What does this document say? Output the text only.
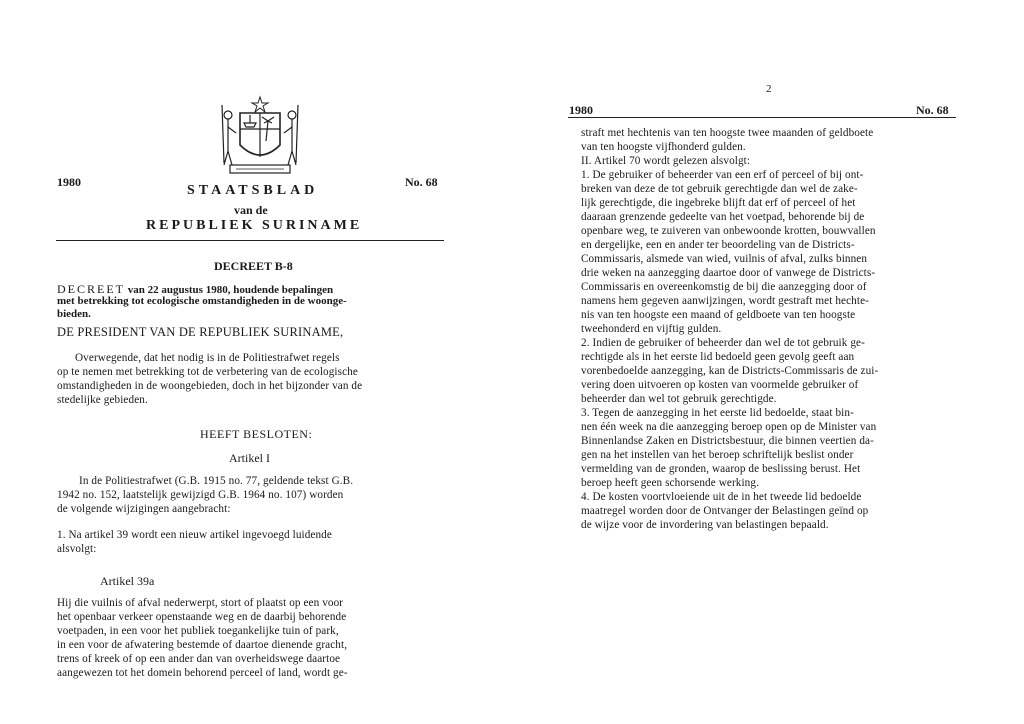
1980	No. 68
STAATSBLAD
van de
REPUBLIEK SURINAME
DECREET B-8
DECREET van 22 augustus 1980, houdende bepalingen
met betrekking tot ecologische omstandigheden in de woonge-
bieden.
DE PRESIDENT VAN DE REPUBLIEK SURINAME,
Overwegende, dat het nodig is in de Politiestrafwet regels
op te nemen met betrekking tot de verbetering van de ecologische
omstandigheden in de woongebieden, doch in het bijzonder van de
stedelijke gebieden.
HEEFT BESLOTEN:
Artikel I
In de Politiestrafwet (G.B. 1915 no. 77, geldende tekst G.B.
1942 no. 152, laatstelijk gewijzigd G.B. 1964 no. 107) worden
de volgende wijzigingen aangebracht:
1. Na artikel 39 wordt een nieuw artikel ingevoegd luidende
alsvolgt:
Artikel 39a
Hij die vuilnis of afval nederwerpt, stort of plaatst op een voor
het openbaar verkeer openstaande weg en de daarbij behorende
voetpaden, in een voor het publiek toegankelijke tuin of park,
in een voor de afwatering bestemde of daartoe dienende gracht,
trens of kreek of op een ander dan van overheidswege daartoe
aangewezen tot het domein behorend perceel of land, wordt ge-
2
1980	No. 68
straft met hechtenis van ten hoogste twee maanden of geldboete
van ten hoogste vijfhonderd gulden.
II. Artikel 70 wordt gelezen alsvolgt:
1. De gebruiker of beheerder van een erf of perceel of bij ont-
breken van deze de tot gebruik gerechtigde dan wel de zake-
lijk gerechtigde, die ingebreke blijft dat erf of perceel of het
daaraan grenzende gedeelte van het voetpad, behorende bij de
openbare weg, te zuiveren van onbewoonde krotten, bouwvallen
en dergelijke, een en ander ter beoordeling van de Districts-
Commissaris, alsmede van wied, vuilnis of afval, zulks binnen
drie weken na aanzegging daartoe door of vanwege de Districts-
Commissaris en overeenkomstig de bij die aanzegging door of
namens hem gegeven aanwijzingen, wordt gestraft met hechte-
nis van ten hoogste een maand of geldboete van ten hoogste
tweehonderd en vijftig gulden.
2. Indien de gebruiker of beheerder dan wel de tot gebruik ge-
rechtigde als in het eerste lid bedoeld geen gevolg geeft aan
vorenbedoelde aanzegging, kan de Districts-Commissaris de zui-
vering doen uitvoeren op kosten van voormelde gebruiker of
beheerder dan wel tot gebruik gerechtigde.
3. Tegen de aanzegging in het eerste lid bedoelde, staat bin-
nen één week na die aanzegging beroep open op de Minister van
Binnenlandse Zaken en Districtsbestuur, die binnen veertien da-
gen na het instellen van het beroep schriftelijk beslist onder
vermelding van de gronden, waarop de beslissing berust. Het
beroep heeft geen schorsende werking.
4. De kosten voortvloeiende uit de in het tweede lid bedoelde
maatregel worden door de Ontvanger der Belastingen geïnd op
de wijze voor de invordering van belastingen bepaald.
